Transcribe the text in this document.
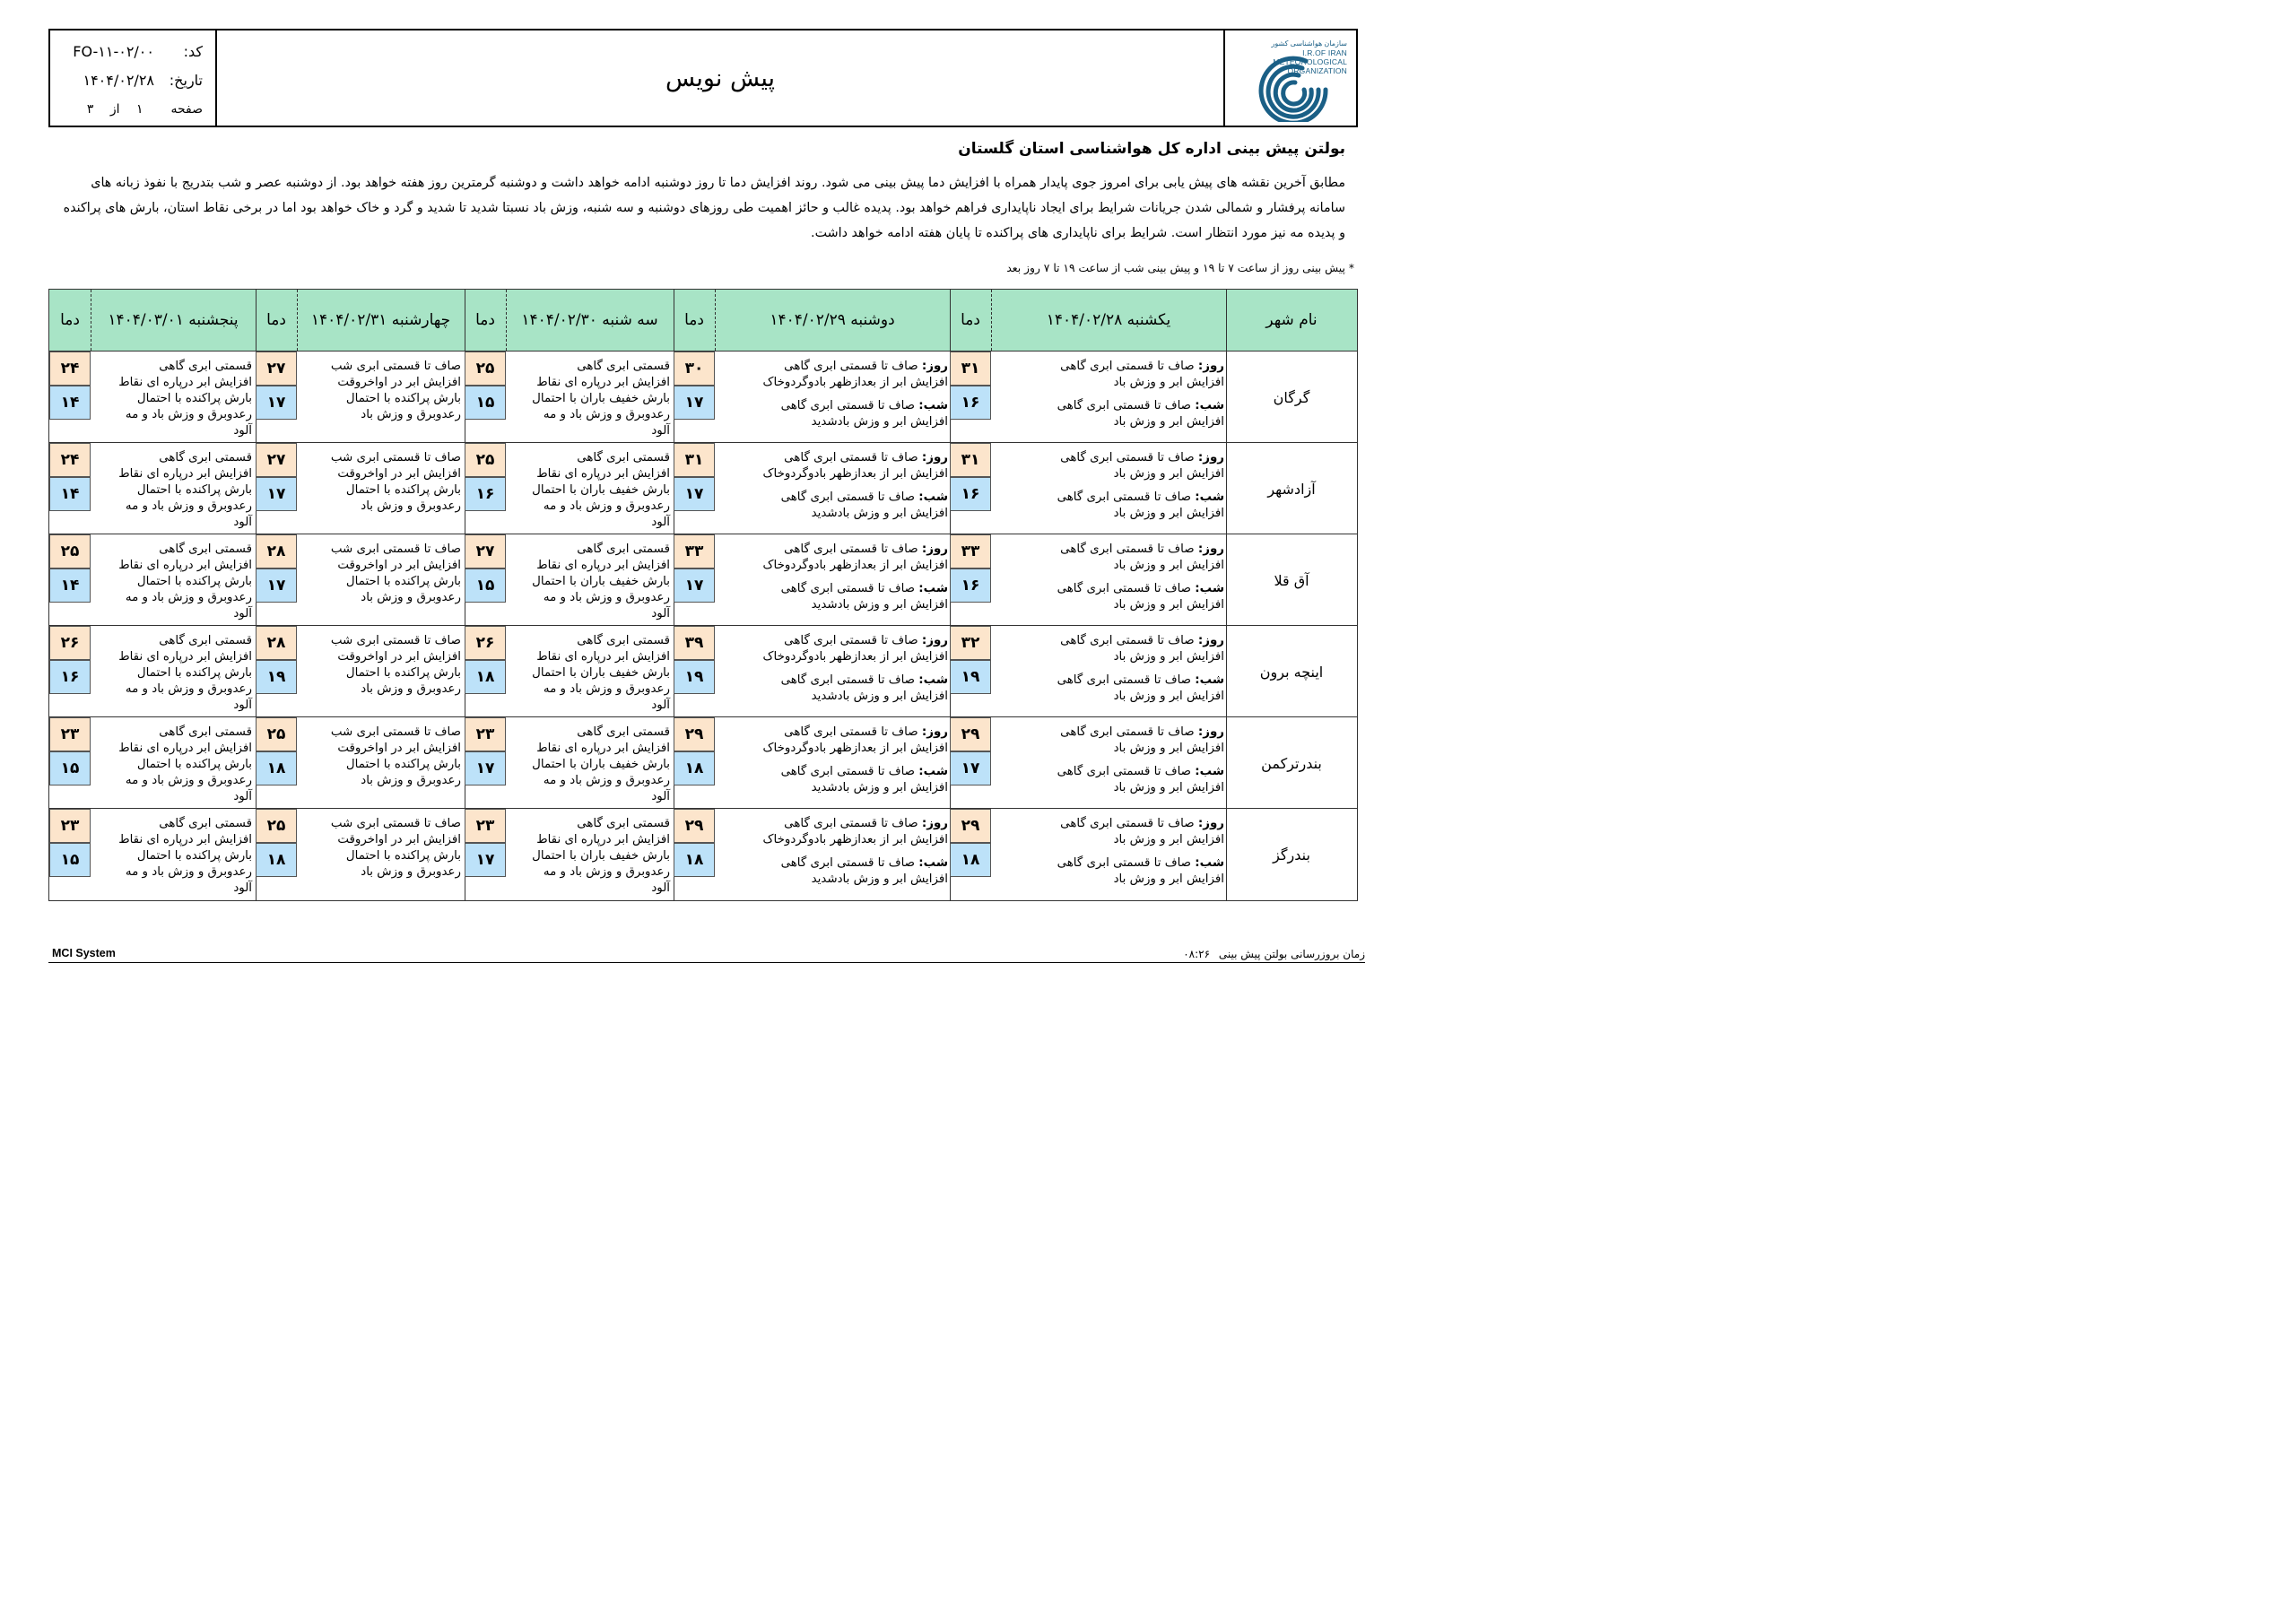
کد:FO-۱۱-۰۲/۰۰
تاریخ:۱۴۰۴/۰۲/۲۸
صفحه ۱ از ۳
پیش نویس
سازمان هواشناسی کشور
I.R.OF IRAN
METEOROLOGICAL
ORGANIZATION
بولتن پیش بینی اداره کل هواشناسی استان گلستان
مطابق آخرین نقشه های پیش یابی برای امروز جوی پایدار همراه با افزایش دما پیش بینی می شود. روند افزایش دما تا روز دوشنبه ادامه خواهد داشت و دوشنبه گرمترین روز هفته خواهد بود. از دوشنبه عصر و شب بتدریج با نفوذ زبانه های سامانه پرفشار و شمالی شدن جریانات شرایط برای ایجاد ناپایداری فراهم خواهد بود. پدیده غالب و حائز اهمیت طی روزهای دوشنبه و سه شنبه، وزش باد نسبتا شدید تا شدید و گرد و خاک خواهد بود اما در برخی نقاط استان، بارش های پراکنده و پدیده مه نیز مورد انتظار است. شرایط برای ناپایداری های پراکنده تا پایان هفته ادامه خواهد داشت.
* پیش بینی روز از ساعت ۷ تا ۱۹ و پیش بینی شب از ساعت ۱۹ تا ۷ روز بعد
نام شهر
یکشنبه ۱۴۰۴/۰۲/۲۸
دما
دوشنبه ۱۴۰۴/۰۲/۲۹
دما
سه شنبه ۱۴۰۴/۰۲/۳۰
دما
چهارشنبه ۱۴۰۴/۰۲/۳۱
دما
پنجشنبه ۱۴۰۴/۰۳/۰۱
دما
گرگان
روز: صاف تا قسمتی ابری گاهی
افزایش ابر و وزش باد
شب: صاف تا قسمتی ابری گاهی
افزایش ابر و وزش باد
روز: صاف تا قسمتی ابری گاهی
افزایش ابر از بعدازظهر بادوگردوخاک
شب: صاف تا قسمتی ابری گاهی
افزایش ابر و وزش بادشدید
قسمتی ابری گاهی
افزایش ابر درپاره ای نقاط
بارش خفیف باران با احتمال
رعدوبرق و وزش باد و مه
آلود
صاف تا قسمتی ابری شب
افزایش ابر در اواخروقت
بارش پراکنده با احتمال
رعدوبرق و وزش باد
قسمتی ابری گاهی
افزایش ابر درپاره ای نقاط
بارش پراکنده با احتمال
رعدوبرق و وزش باد و مه
آلود
۳۱
۱۶
۳۰
۱۷
۲۵
۱۵
۲۷
۱۷
۲۴
۱۴
آزادشهر
روز: صاف تا قسمتی ابری گاهی
افزایش ابر و وزش باد
شب: صاف تا قسمتی ابری گاهی
افزایش ابر و وزش باد
روز: صاف تا قسمتی ابری گاهی
افزایش ابر از بعدازظهر بادوگردوخاک
شب: صاف تا قسمتی ابری گاهی
افزایش ابر و وزش بادشدید
قسمتی ابری گاهی
افزایش ابر درپاره ای نقاط
بارش خفیف باران با احتمال
رعدوبرق و وزش باد و مه
آلود
صاف تا قسمتی ابری شب
افزایش ابر در اواخروقت
بارش پراکنده با احتمال
رعدوبرق و وزش باد
قسمتی ابری گاهی
افزایش ابر درپاره ای نقاط
بارش پراکنده با احتمال
رعدوبرق و وزش باد و مه
آلود
۳۱
۱۶
۳۱
۱۷
۲۵
۱۶
۲۷
۱۷
۲۴
۱۴
آق قلا
روز: صاف تا قسمتی ابری گاهی
افزایش ابر و وزش باد
شب: صاف تا قسمتی ابری گاهی
افزایش ابر و وزش باد
روز: صاف تا قسمتی ابری گاهی
افزایش ابر از بعدازظهر بادوگردوخاک
شب: صاف تا قسمتی ابری گاهی
افزایش ابر و وزش بادشدید
قسمتی ابری گاهی
افزایش ابر درپاره ای نقاط
بارش خفیف باران با احتمال
رعدوبرق و وزش باد و مه
آلود
صاف تا قسمتی ابری شب
افزایش ابر در اواخروقت
بارش پراکنده با احتمال
رعدوبرق و وزش باد
قسمتی ابری گاهی
افزایش ابر درپاره ای نقاط
بارش پراکنده با احتمال
رعدوبرق و وزش باد و مه
آلود
۳۳
۱۶
۳۳
۱۷
۲۷
۱۵
۲۸
۱۷
۲۵
۱۴
اینچه برون
روز: صاف تا قسمتی ابری گاهی
افزایش ابر و وزش باد
شب: صاف تا قسمتی ابری گاهی
افزایش ابر و وزش باد
روز: صاف تا قسمتی ابری گاهی
افزایش ابر از بعدازظهر بادوگردوخاک
شب: صاف تا قسمتی ابری گاهی
افزایش ابر و وزش بادشدید
قسمتی ابری گاهی
افزایش ابر درپاره ای نقاط
بارش خفیف باران با احتمال
رعدوبرق و وزش باد و مه
آلود
صاف تا قسمتی ابری شب
افزایش ابر در اواخروقت
بارش پراکنده با احتمال
رعدوبرق و وزش باد
قسمتی ابری گاهی
افزایش ابر درپاره ای نقاط
بارش پراکنده با احتمال
رعدوبرق و وزش باد و مه
آلود
۳۲
۱۹
۳۹
۱۹
۲۶
۱۸
۲۸
۱۹
۲۶
۱۶
بندرترکمن
روز: صاف تا قسمتی ابری گاهی
افزایش ابر و وزش باد
شب: صاف تا قسمتی ابری گاهی
افزایش ابر و وزش باد
روز: صاف تا قسمتی ابری گاهی
افزایش ابر از بعدازظهر بادوگردوخاک
شب: صاف تا قسمتی ابری گاهی
افزایش ابر و وزش بادشدید
قسمتی ابری گاهی
افزایش ابر درپاره ای نقاط
بارش خفیف باران با احتمال
رعدوبرق و وزش باد و مه
آلود
صاف تا قسمتی ابری شب
افزایش ابر در اواخروقت
بارش پراکنده با احتمال
رعدوبرق و وزش باد
قسمتی ابری گاهی
افزایش ابر درپاره ای نقاط
بارش پراکنده با احتمال
رعدوبرق و وزش باد و مه
آلود
۲۹
۱۷
۲۹
۱۸
۲۳
۱۷
۲۵
۱۸
۲۳
۱۵
بندرگز
روز: صاف تا قسمتی ابری گاهی
افزایش ابر و وزش باد
شب: صاف تا قسمتی ابری گاهی
افزایش ابر و وزش باد
روز: صاف تا قسمتی ابری گاهی
افزایش ابر از بعدازظهر بادوگردوخاک
شب: صاف تا قسمتی ابری گاهی
افزایش ابر و وزش بادشدید
قسمتی ابری گاهی
افزایش ابر درپاره ای نقاط
بارش خفیف باران با احتمال
رعدوبرق و وزش باد و مه
آلود
صاف تا قسمتی ابری شب
افزایش ابر در اواخروقت
بارش پراکنده با احتمال
رعدوبرق و وزش باد
قسمتی ابری گاهی
افزایش ابر درپاره ای نقاط
بارش پراکنده با احتمال
رعدوبرق و وزش باد و مه
آلود
۲۹
۱۸
۲۹
۱۸
۲۳
۱۷
۲۵
۱۸
۲۳
۱۵
MCI System	زمان بروزرسانی بولتن پیش بینی ۰۸:۲۶
